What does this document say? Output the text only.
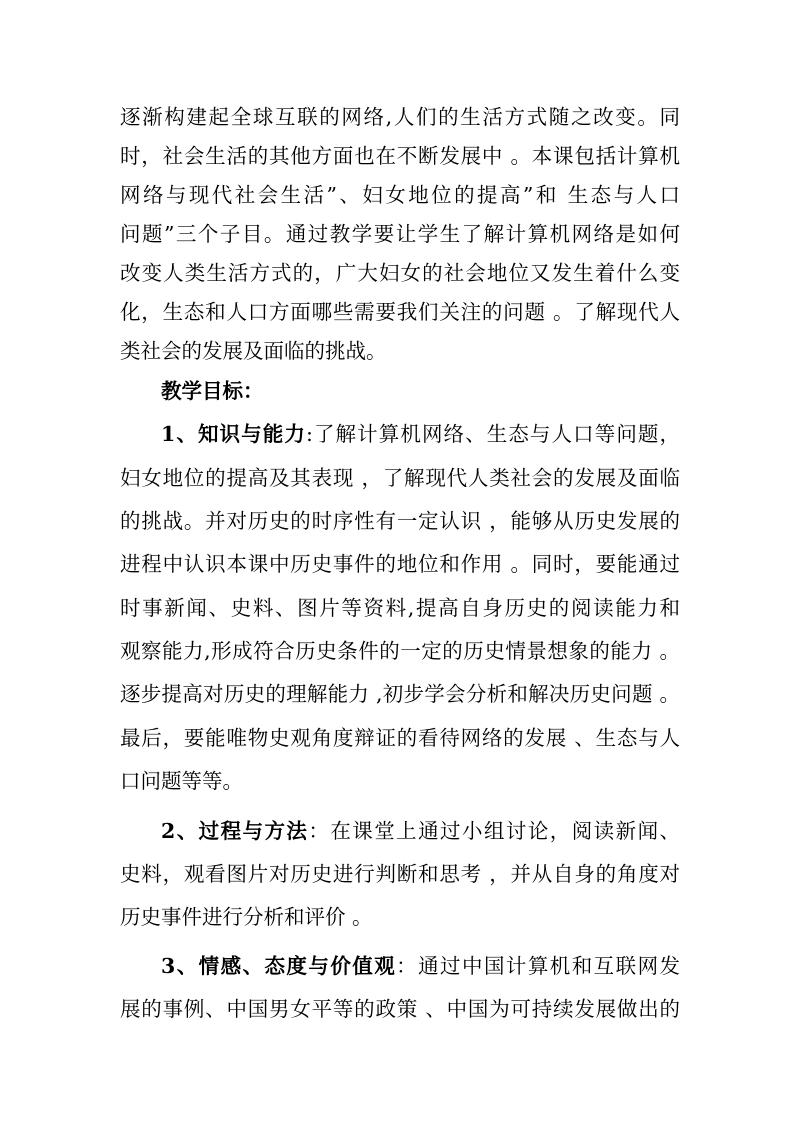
逐渐构建起全球互联的网络,人们的生活方式随之改变。同
时，社会生活的其他方面也在不断发展中 。本课包括计算机
网络与现代社会生活”、妇女地位的提高”和 生态与人口
问题”三个子目。通过教学要让学生了解计算机网络是如何
改变人类生活方式的，广大妇女的社会地位又发生着什么变
化，生态和人口方面哪些需要我们关注的问题 。了解现代人
类社会的发展及面临的挑战。
教学目标：
1、知识与能力:了解计算机网络、生态与人口等问题，
妇女地位的提高及其表现 ，了解现代人类社会的发展及面临
的挑战。并对历史的时序性有一定认识 ，能够从历史发展的
进程中认识本课中历史事件的地位和作用 。同时，要能通过
时事新闻、史料、图片等资料,提高自身历史的阅读能力和
观察能力,形成符合历史条件的一定的历史情景想象的能力 。
逐步提高对历史的理解能力 ,初步学会分析和解决历史问题 。
最后，要能唯物史观角度辩证的看待网络的发展 、生态与人
口问题等等。
2、过程与方法：在课堂上通过小组讨论，阅读新闻、
史料，观看图片对历史进行判断和思考 ，并从自身的角度对
历史事件进行分析和评价 。
3、情感、态度与价值观：通过中国计算机和互联网发
展的事例、中国男女平等的政策 、中国为可持续发展做出的
